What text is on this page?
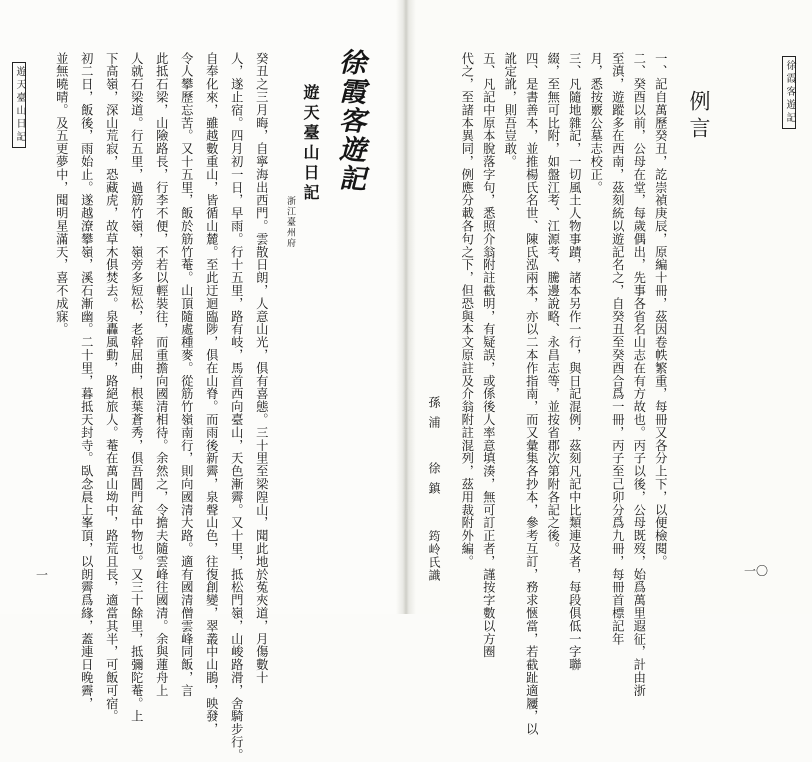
遊天臺山日記	徐霞客遊記
遊天臺山日記
浙江臺州府
癸丑之三月晦，自寧海出西門。雲散日朗，人意山光，俱有喜態。三十里至梁隍山，聞此地於菟夾道，月傷數十
人，遂止宿。四月初一日，早雨。行十五里，路有岐，馬首西向臺山，天色漸霽。又十里，抵松門嶺，山峻路滑，舍騎步行。
自奉化來，雖越數重山，皆循山麓。至此迂迴臨陟，俱在山脊。而雨後新霽，泉聲山色，往復創變，翠叢中山鵑，映發，
令人攀歷忘苦。又十五里，飯於筋竹菴。山頂隨處種麥。從筋竹嶺南行，則向國清大路。適有國清僧雲峰同飯，言
此抵石梁，山險路長，行李不便，不若以輕裝往，而重擔向國清相待。余然之，令擔夫隨雲峰往國清。余與蓮舟上
人就石梁道。行五里，過筋竹嶺，嶺旁多短松，老幹屈曲，根葉蒼秀，俱吾閶門盆中物也。又三十餘里，抵彌陀菴。上
下高嶺，深山荒寂，恐藏虎，故草木俱焚去。泉轟風動，路絕旅人。菴在萬山坳中，路荒且長，適當其半，可飯可宿。
初二日，飯後，雨始止。遂越潦攀嶺，溪石漸幽。二十里，暮抵天封寺。臥念晨上峯頂，以朗霽爲緣，蓋連日晚霽，
並無曉晴。及五更夢中，聞明星滿天，喜不成寐。
一
徐霞客遊記
例言
一、記自萬歷癸丑，訖崇禎庚辰，原編十冊，茲因卷帙繁重，每冊又各分上下，以便檢閱。
二、癸酉以前，公母在堂，每歲偶出，先事各省名山志在有方故也。丙子以後，公母既歿，始爲萬里遐征，計由浙
至滇，遊蹤多在西南，茲刻統以遊記名之，自癸丑至癸酉合爲一冊，丙子至己卯分爲九冊，每冊首標記年
月，悉按覈公墓志校正。
三、凡隨地雜記，一切風土人物事蹟，諸本另作一行，與日記混例，茲刻凡記中比類連及者，每段俱低一字聯
綴，至無可比附，如盤江考、江源考、騰邊說略、永昌志等，並按省郡次第附各記之後。
四、是書善本，並推楊氏名世、陳氏泓兩本，亦以二本作指南，而又彙集各抄本，參考互訂，務求愜當，若截趾適屨，以
訛定訛，則吾豈敢。
五、凡記中原本脫落字句，悉照介翁附註截明，有疑誤，或係後人率意填湊，無可訂正者，謹按字數以方圈
代之，至諸本異同，例應分載各句之下，但恐與本文原註及介翁附註混列，茲用裁附外編。
孫浦
徐鎮
筠岭氏識	一〇
